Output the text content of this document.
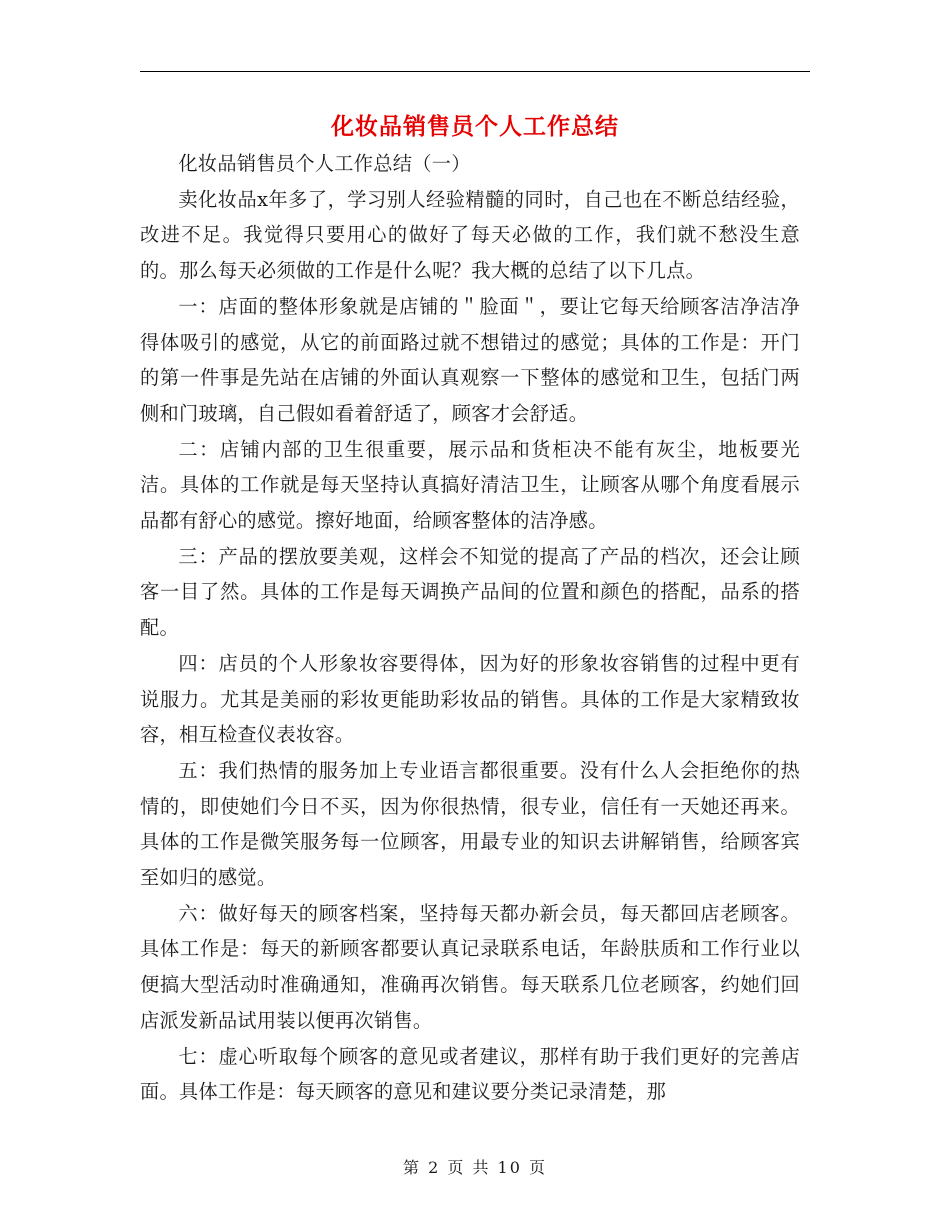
化妆品销售员个人工作总结

化妆品销售员个人工作总结（一）

卖化妆品x年多了，学习别人经验精髓的同时，自己也在不断总结经验，改进不足。我觉得只要用心的做好了每天必做的工作，我们就不愁没生意的。那么每天必须做的工作是什么呢？我大概的总结了以下几点。

一：店面的整体形象就是店铺的＂脸面＂，要让它每天给顾客洁净洁净得体吸引的感觉，从它的前面路过就不想错过的感觉；具体的工作是：开门的第一件事是先站在店铺的外面认真观察一下整体的感觉和卫生，包括门两侧和门玻璃，自己假如看着舒适了，顾客才会舒适。

二：店铺内部的卫生很重要，展示品和货柜决不能有灰尘，地板要光洁。具体的工作就是每天坚持认真搞好清洁卫生，让顾客从哪个角度看展示品都有舒心的感觉。擦好地面，给顾客整体的洁净感。

三：产品的摆放要美观，这样会不知觉的提高了产品的档次，还会让顾客一目了然。具体的工作是每天调换产品间的位置和颜色的搭配，品系的搭配。

四：店员的个人形象妆容要得体，因为好的形象妆容销售的过程中更有说服力。尤其是美丽的彩妆更能助彩妆品的销售。具体的工作是大家精致妆容，相互检查仪表妆容。

五：我们热情的服务加上专业语言都很重要。没有什么人会拒绝你的热情的，即使她们今日不买，因为你很热情，很专业，信任有一天她还再来。具体的工作是微笑服务每一位顾客，用最专业的知识去讲解销售，给顾客宾至如归的感觉。

六：做好每天的顾客档案，坚持每天都办新会员，每天都回店老顾客。具体工作是：每天的新顾客都要认真记录联系电话，年龄肤质和工作行业以便搞大型活动时准确通知，准确再次销售。每天联系几位老顾客，约她们回店派发新品试用装以便再次销售。

七：虚心听取每个顾客的意见或者建议，那样有助于我们更好的完善店面。具体工作是：每天顾客的意见和建议要分类记录清楚，那

第 2 页 共 10 页
